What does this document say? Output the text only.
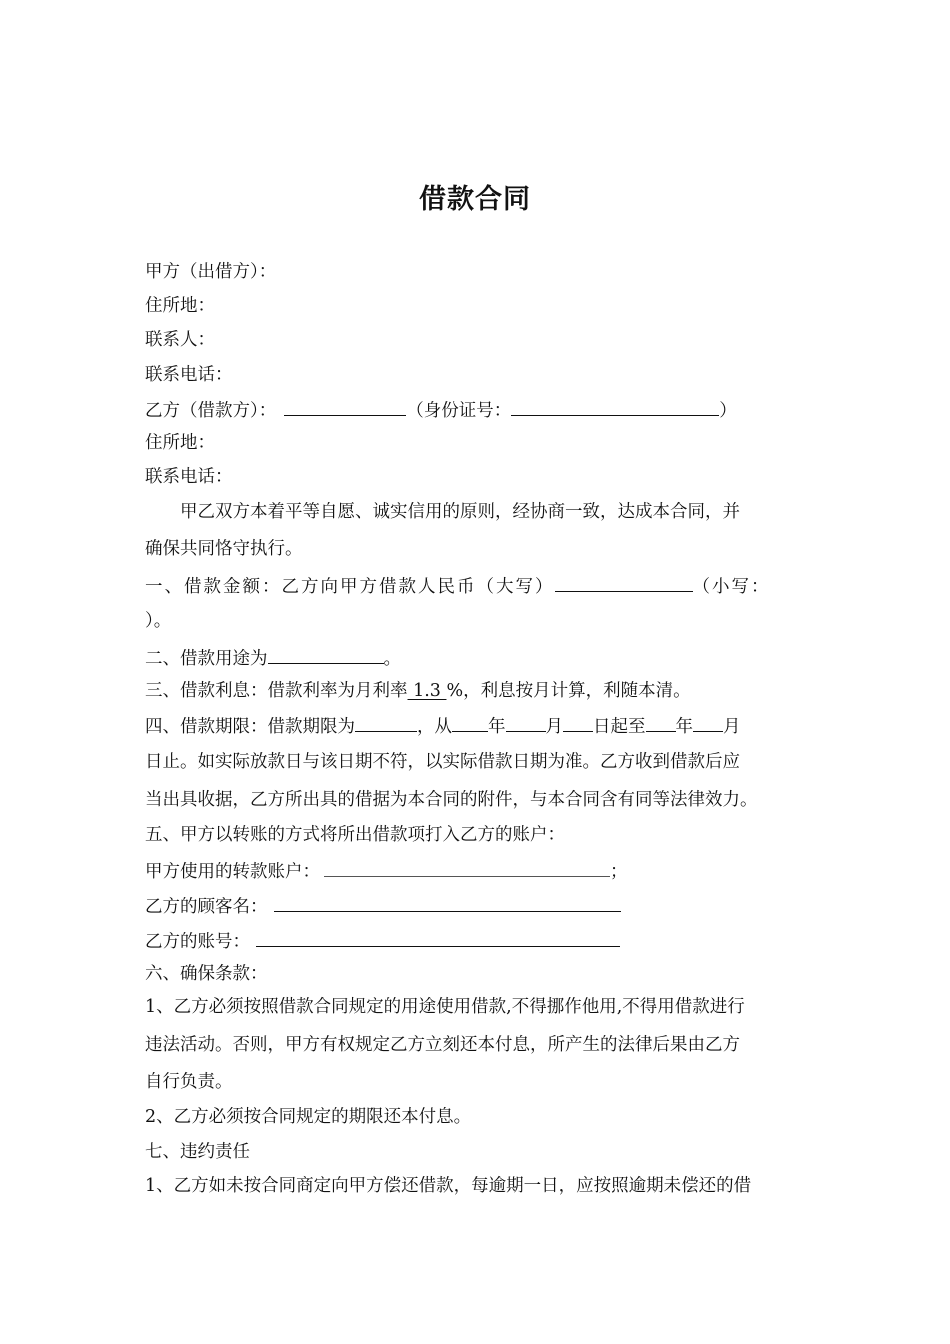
借款合同
甲方（出借方）：
住所地：
联系人：
联系电话：
乙方（借款方）：	（身份证号：	）
住所地：
联系电话：
甲乙双方本着平等自愿、诚实信用的原则，经协商一致，达成本合同，并
确保共同恪守执行。
一、借款金额：乙方向甲方借款人民币（大写）	（小写：
）。
二、借款用途为	。
三、借款利息：借款利率为月利率 1.3 %，利息按月计算，利随本清。
四、借款期限：借款期限为	，从 年 月 日起至 年 月
日止。如实际放款日与该日期不符，以实际借款日期为准。乙方收到借款后应
当出具收据，乙方所出具的借据为本合同的附件，与本合同含有同等法律效力。
五、甲方以转账的方式将所出借款项打入乙方的账户：
甲方使用的转款账户：	；
乙方的顾客名：
乙方的账号：
六、确保条款：
1、乙方必须按照借款合同规定的用途使用借款,不得挪作他用,不得用借款进行
违法活动。否则，甲方有权规定乙方立刻还本付息，所产生的法律后果由乙方
自行负责。
2、乙方必须按合同规定的期限还本付息。
七、违约责任
1、乙方如未按合同商定向甲方偿还借款，每逾期一日，应按照逾期未偿还的借
